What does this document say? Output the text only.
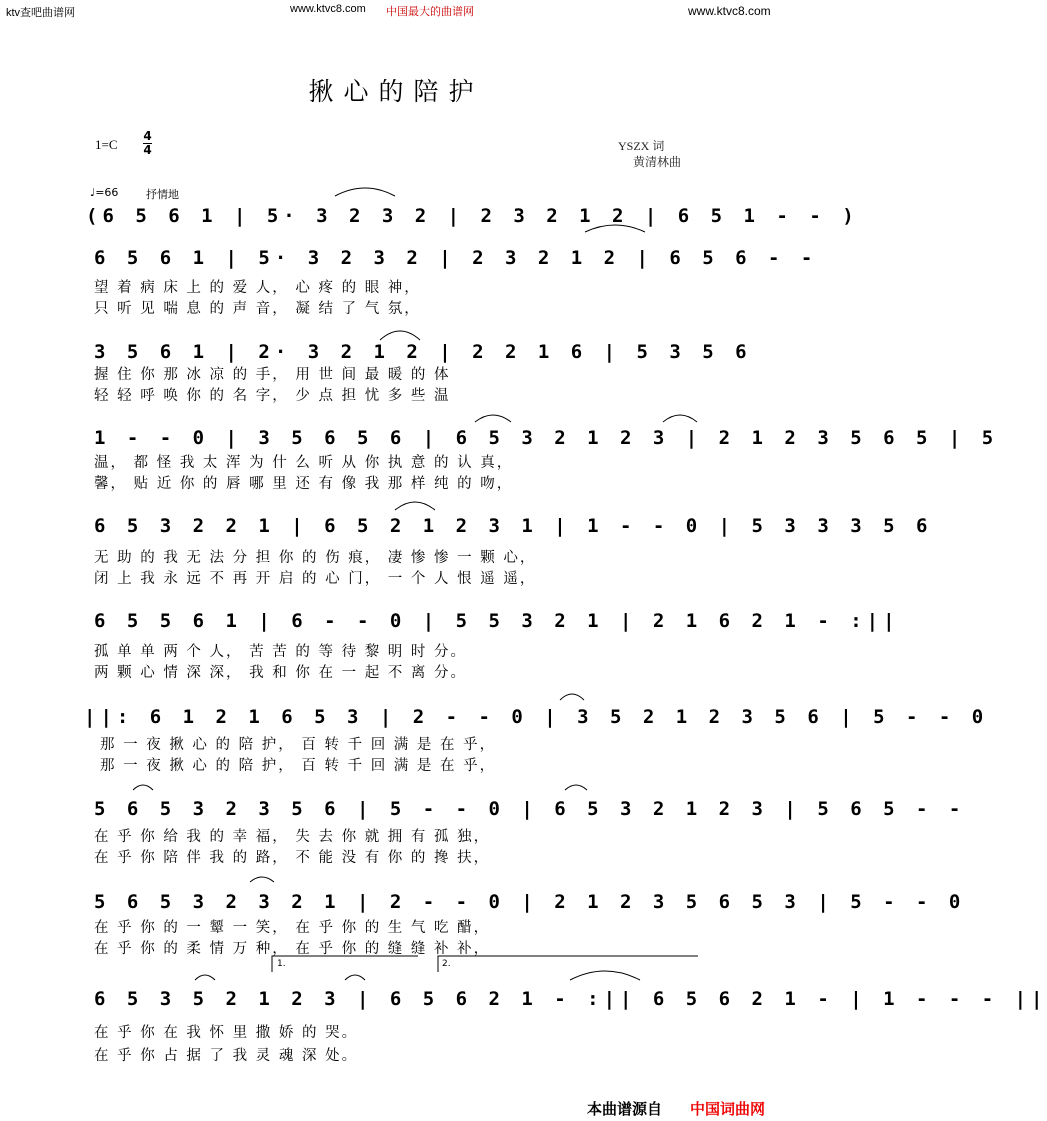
ktv查吧曲谱网	www.ktvc8.com 中国最大的曲谱网	www.ktvc8.com
揪心的陪护
1=C
4
4	YSZX 词
黄清林曲
♩=66	抒情地
(6 5 6 1 | 5· 3 2 3 2 | 2 3 2 1 2 | 6 5 1 - - )
6 5 6 1 | 5· 3 2 3 2 | 2 3 2 1 2 | 6 5 6 - -
望 着 病 床 上 的 爱 人， 心 疼 的 眼 神，
只 听 见 喘 息 的 声 音， 凝 结 了 气 氛，
3 5 6 1 | 2· 3 2 1 2 | 2 2 1 6 | 5 3 5 6
握 住 你 那 冰 凉 的 手， 用 世 间 最 暖 的 体
轻 轻 呼 唤 你 的 名 字， 少 点 担 忧 多 些 温
1 - - 0 | 3 5 6 5 6 | 6 5 3 2 1 2 3 | 2 1 2 3 5 6 5 | 5
温， 都 怪 我 太 浑 为 什 么 听 从 你 执 意 的 认 真，
馨， 贴 近 你 的 唇 哪 里 还 有 像 我 那 样 纯 的 吻，
6 5 3 2 2 1 | 6 5 2 1 2 3 1 | 1 - - 0 | 5 3 3 3 5 6
无 助 的 我 无 法 分 担 你 的 伤 痕， 凄 惨 惨 一 颗 心，
闭 上 我 永 远 不 再 开 启 的 心 门， 一 个 人 恨 遥 遥，
6 5 5 6 1 | 6 - - 0 | 5 5 3 2 1 | 2 1 6 2 1 - :||
孤 单 单 两 个 人， 苦 苦 的 等 待 黎 明 时 分。
两 颗 心 情 深 深， 我 和 你 在 一 起 不 离 分。
||: 6 1 2 1 6 5 3 | 2 - - 0 | 3 5 2 1 2 3 5 6 | 5 - - 0
那 一 夜 揪 心 的 陪 护， 百 转 千 回 满 是 在 乎，
那 一 夜 揪 心 的 陪 护， 百 转 千 回 满 是 在 乎，
5 6 5 3 2 3 5 6 | 5 - - 0 | 6 5 3 2 1 2 3 | 5 6 5 - -
在 乎 你 给 我 的 幸 福， 失 去 你 就 拥 有 孤 独，
在 乎 你 陪 伴 我 的 路， 不 能 没 有 你 的 搀 扶，
5 6 5 3 2 3 2 1 | 2 - - 0 | 2 1 2 3 5 6 5 3 | 5 - - 0
在 乎 你 的 一 颦 一 笑， 在 乎 你 的 生 气 吃 醋，
在 乎 你 的 柔 情 万 种， 在 乎 你 的 缝 缝 补 补，
1.	2.
6 5 3 5 2 1 2 3 | 6 5 6 2 1 - :|| 6 5 6 2 1 - | 1 - - - ||
在 乎 你 在 我 怀 里 撒 娇 的 哭。
在 乎 你 占 据 了 我 灵 魂 深 处。
本曲谱源自 中国词曲网
